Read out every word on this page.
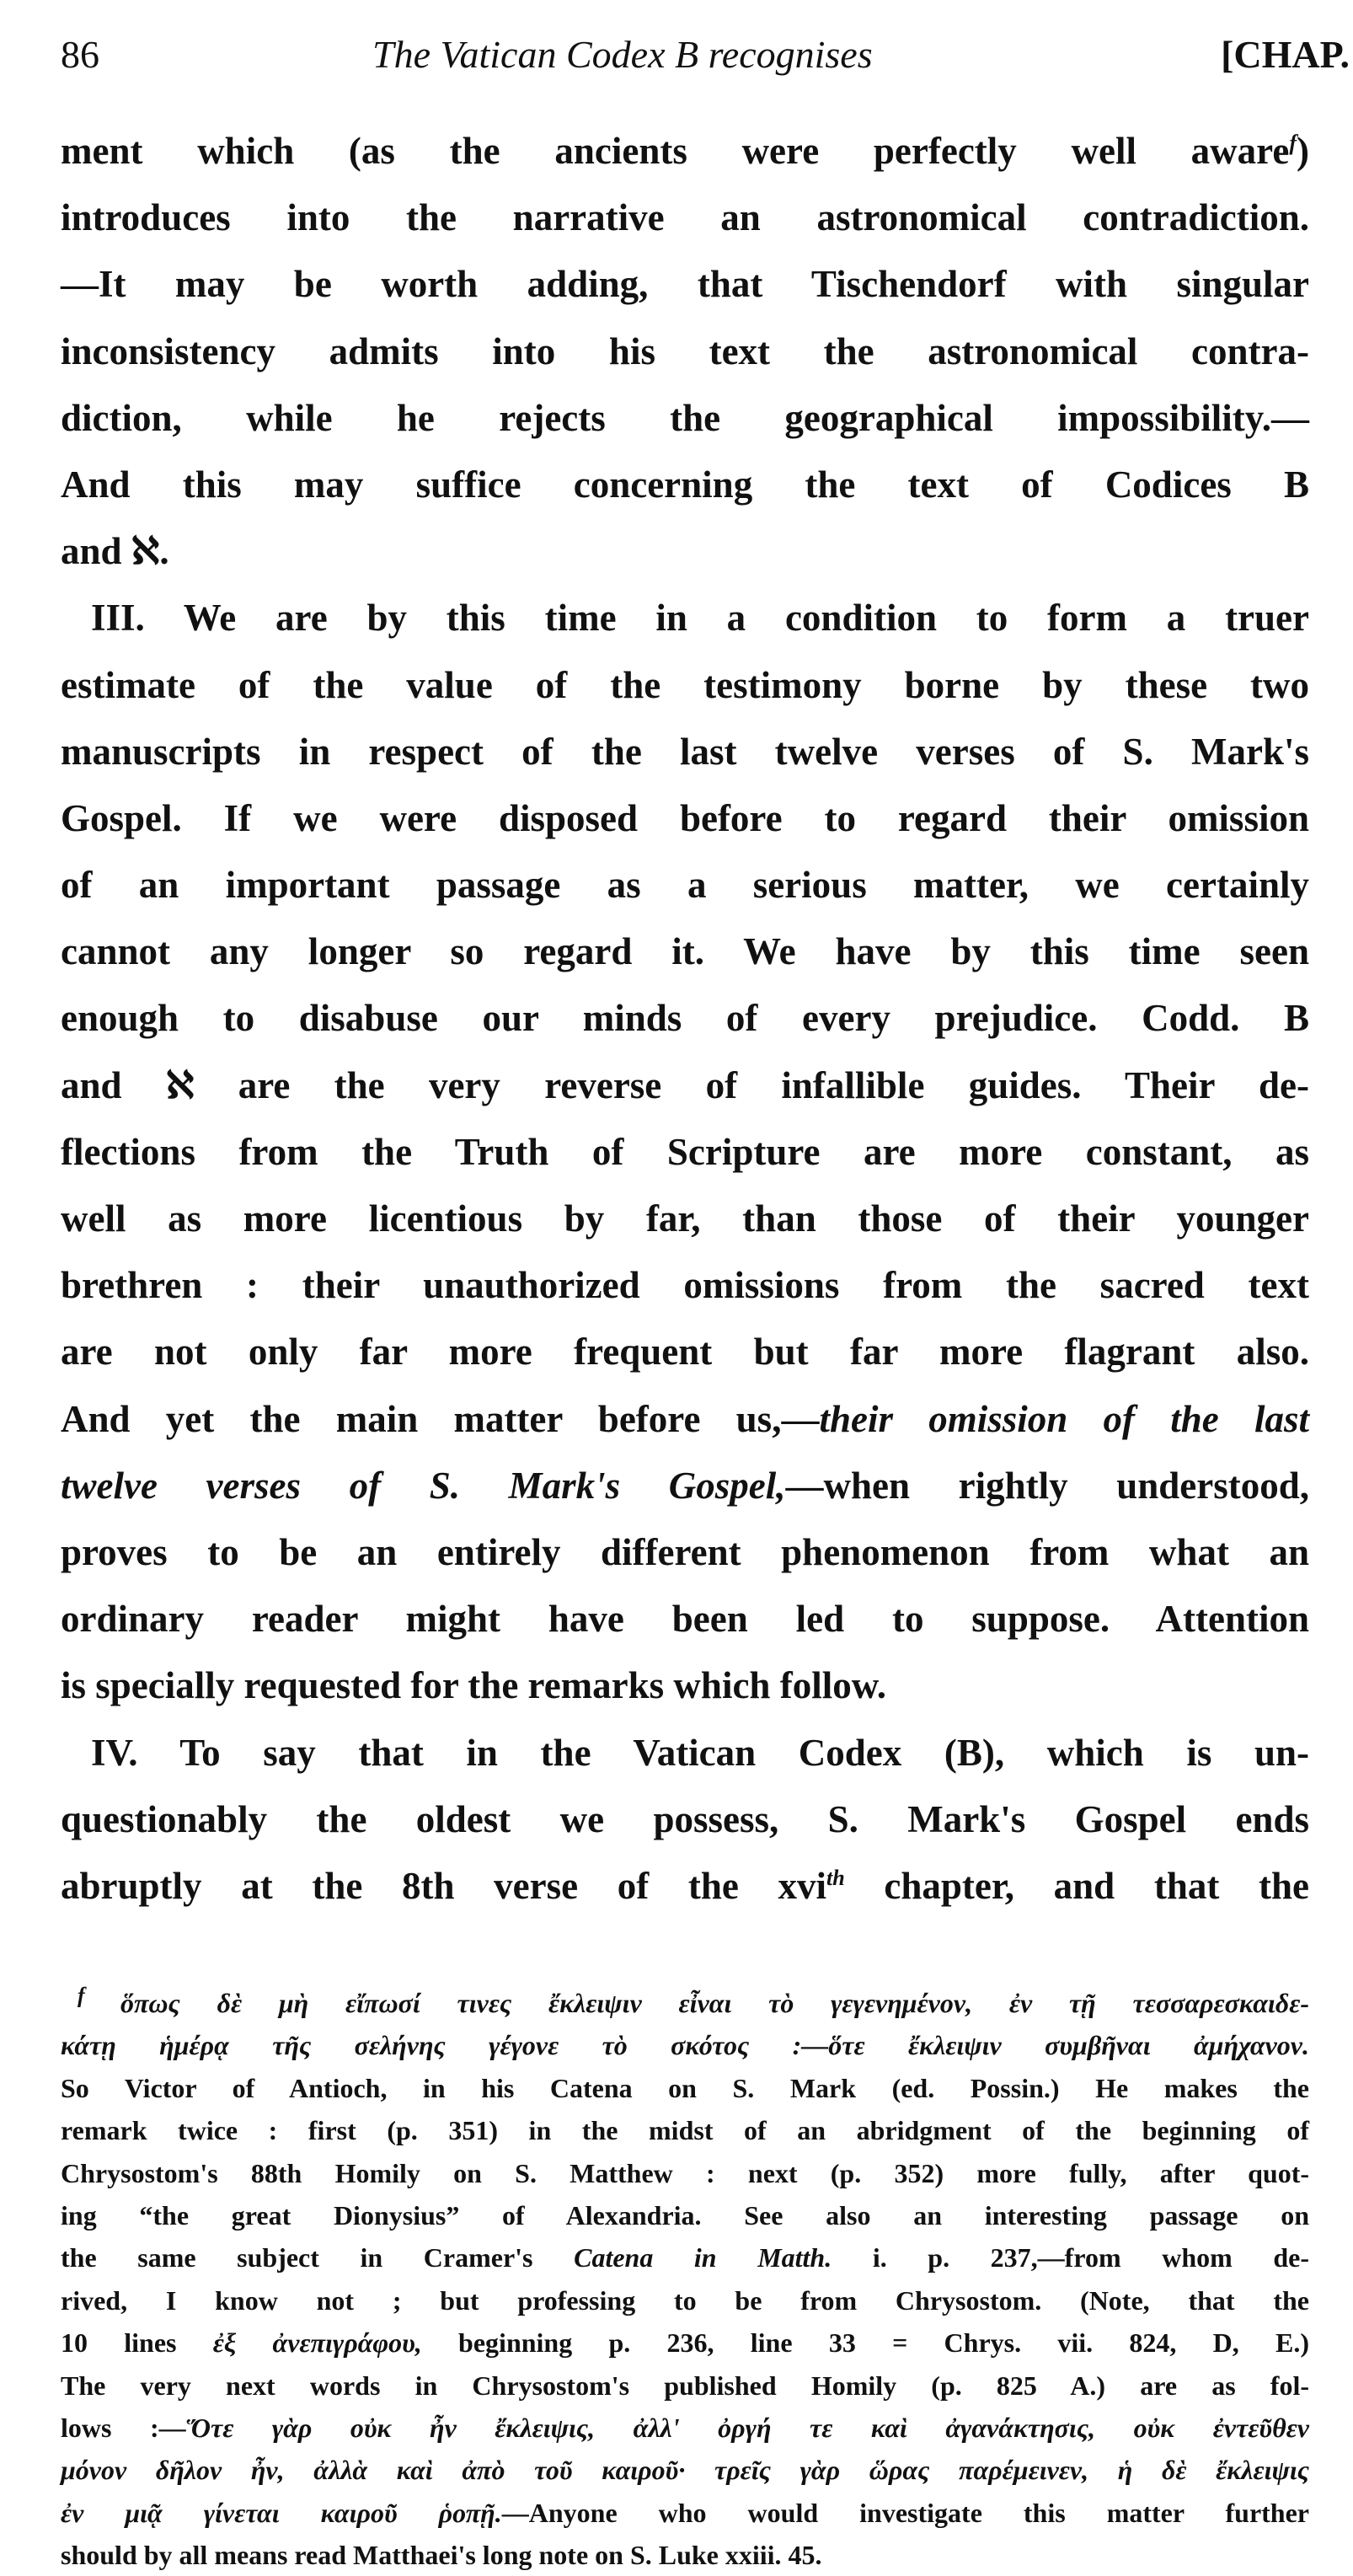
86	The Vatican Codex B recognises	[CHAP.
ment which (as the ancients were perfectly well aware$^f$)
introduces into the narrative an astronomical contradiction.
—It may be worth adding, that Tischendorf with singular
inconsistency admits into his text the astronomical contra-
diction, while he rejects the geographical impossibility.—
And this may suffice concerning the text of Codices B
and ℵ.
III. We are by this time in a condition to form a truer
estimate of the value of the testimony borne by these two
manuscripts in respect of the last twelve verses of S. Mark's
Gospel. If we were disposed before to regard their omission
of an important passage as a serious matter, we certainly
cannot any longer so regard it. We have by this time seen
enough to disabuse our minds of every prejudice. Codd. B
and ℵ are the very reverse of infallible guides. Their de-
flections from the Truth of Scripture are more constant, as
well as more licentious by far, than those of their younger
brethren : their unauthorized omissions from the sacred text
are not only far more frequent but far more flagrant also.
And yet the main matter before us,—their omission of the last
twelve verses of S. Mark's Gospel,—when rightly understood,
proves to be an entirely different phenomenon from what an
ordinary reader might have been led to suppose. Attention
is specially requested for the remarks which follow.
IV. To say that in the Vatican Codex (B), which is un-
questionably the oldest we possess, S. Mark's Gospel ends
abruptly at the 8th verse of the xvi$^{th}$ chapter, and that the
$^f$ ὅπως δὲ μὴ εἴπωσί τινες ἔκλειψιν εἶναι τὸ γεγενημένον, ἐν τῇ τεσσαρεσκαιδε-
κάτῃ ἡμέρᾳ τῆς σελήνης γέγονε τὸ σκότος :—ὅτε ἔκλειψιν συμβῆναι ἀμήχανον.
So Victor of Antioch, in his Catena on S. Mark (ed. Possin.) He makes the
remark twice : first (p. 351) in the midst of an abridgment of the beginning of
Chrysostom's 88th Homily on S. Matthew : next (p. 352) more fully, after quot-
ing “the great Dionysius” of Alexandria. See also an interesting passage on
the same subject in Cramer's Catena in Matth. i. p. 237,—from whom de-
rived, I know not ; but professing to be from Chrysostom. (Note, that the
10 lines ἐξ ἀνεπιγράφου, beginning p. 236, line 33 = Chrys. vii. 824, D, E.)
The very next words in Chrysostom's published Homily (p. 825 A.) are as fol-
lows :—Ὅτε γὰρ οὐκ ἦν ἔκλειψις, ἀλλ' ὀργή τε καὶ ἀγανάκτησις, οὐκ ἐντεῦθεν
μόνον δῆλον ἦν, ἀλλὰ καὶ ἀπὸ τοῦ καιροῦ· τρεῖς γὰρ ὥρας παρέμεινεν, ἡ δὲ ἔκλειψις
ἐν μιᾷ γίνεται καιροῦ ῥοπῇ.—Anyone who would investigate this matter further
should by all means read Matthaei's long note on S. Luke xxiii. 45.
